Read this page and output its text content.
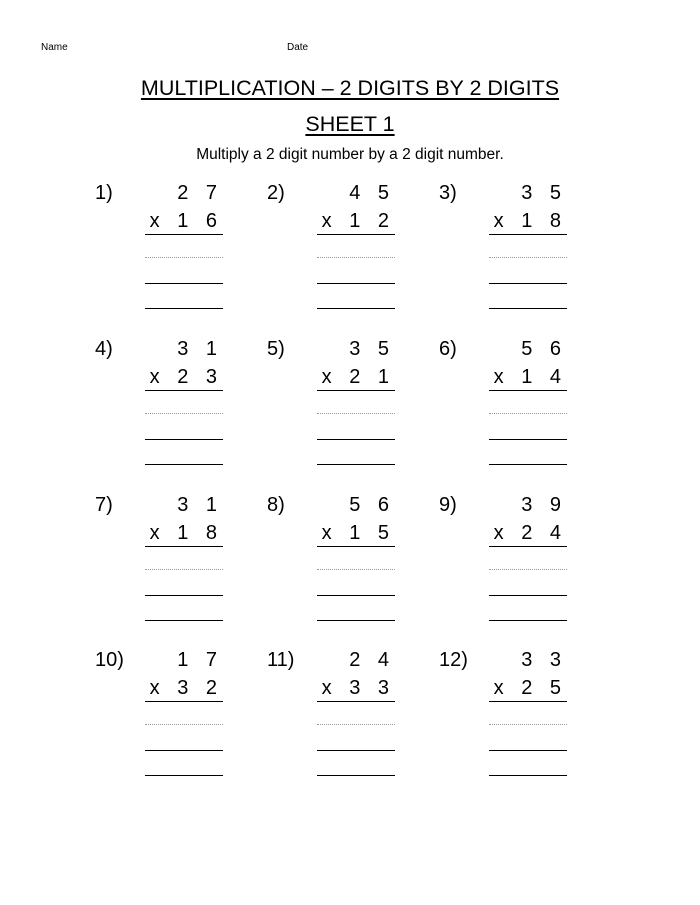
Name	Date
MULTIPLICATION – 2 DIGITS BY 2 DIGITS
SHEET 1
Multiply a 2 digit number by a 2 digit number.
1)	2 7
x 1 6
2)	4 5
x 1 2
3)	3 5
x 1 8
4)	3 1
x 2 3
5)	3 5
x 2 1
6)	5 6
x 1 4
7)	3 1
x 1 8
8)	5 6
x 1 5
9)	3 9
x 2 4
10)	1 7
x 3 2
11)	2 4
x 3 3
12)	3 3
x 2 5
